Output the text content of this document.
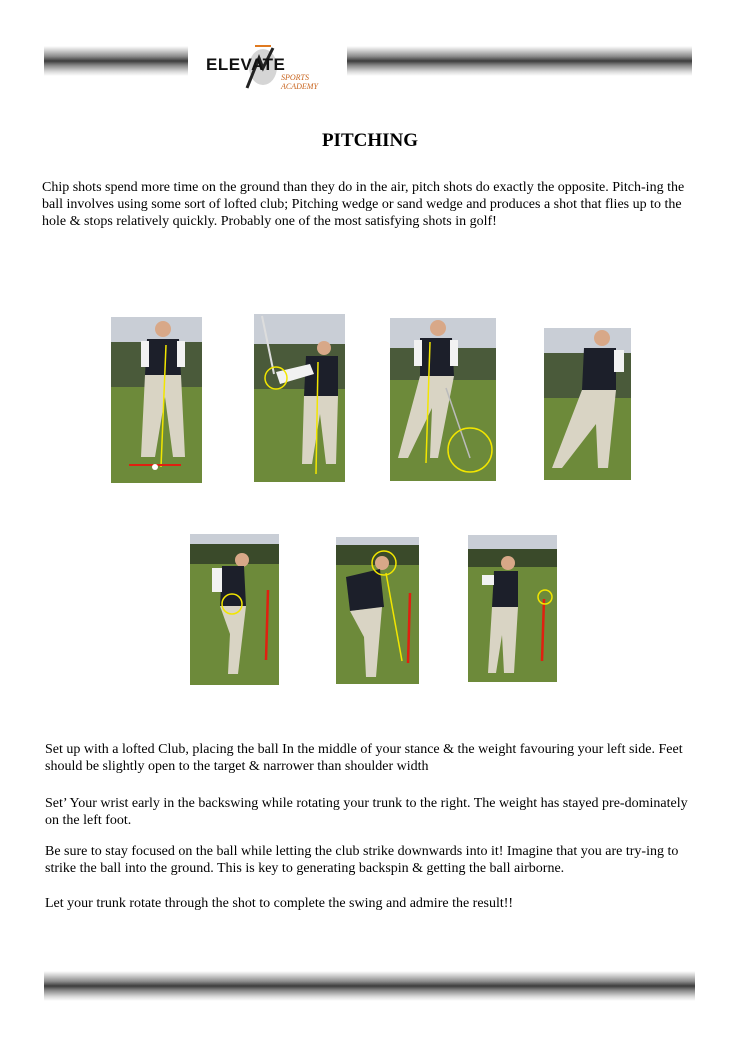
ELEVATE
SPORTS ACADEMY
PITCHING

Chip shots spend more time on the ground than they do in the air, pitch shots do exactly the opposite. Pitch-ing the ball involves using some sort of lofted club; Pitching wedge or sand wedge and produces a shot that flies up to the hole & stops relatively quickly. Probably one of the most satisfying shots in golf!

Set up with a lofted Club, placing the ball In the middle of your stance & the weight favouring your left side. Feet should be slightly open to the target & narrower than shoulder width

Set’ Your wrist early in the backswing while rotating your trunk to the right. The weight has stayed pre-dominately on the left foot.

Be sure to stay focused on the ball while letting the club strike downwards into it! Imagine that you are try-ing to strike the ball into the ground. This is key to generating backspin & getting the ball airborne.

Let your trunk rotate through the shot to complete the swing and admire the result!!
